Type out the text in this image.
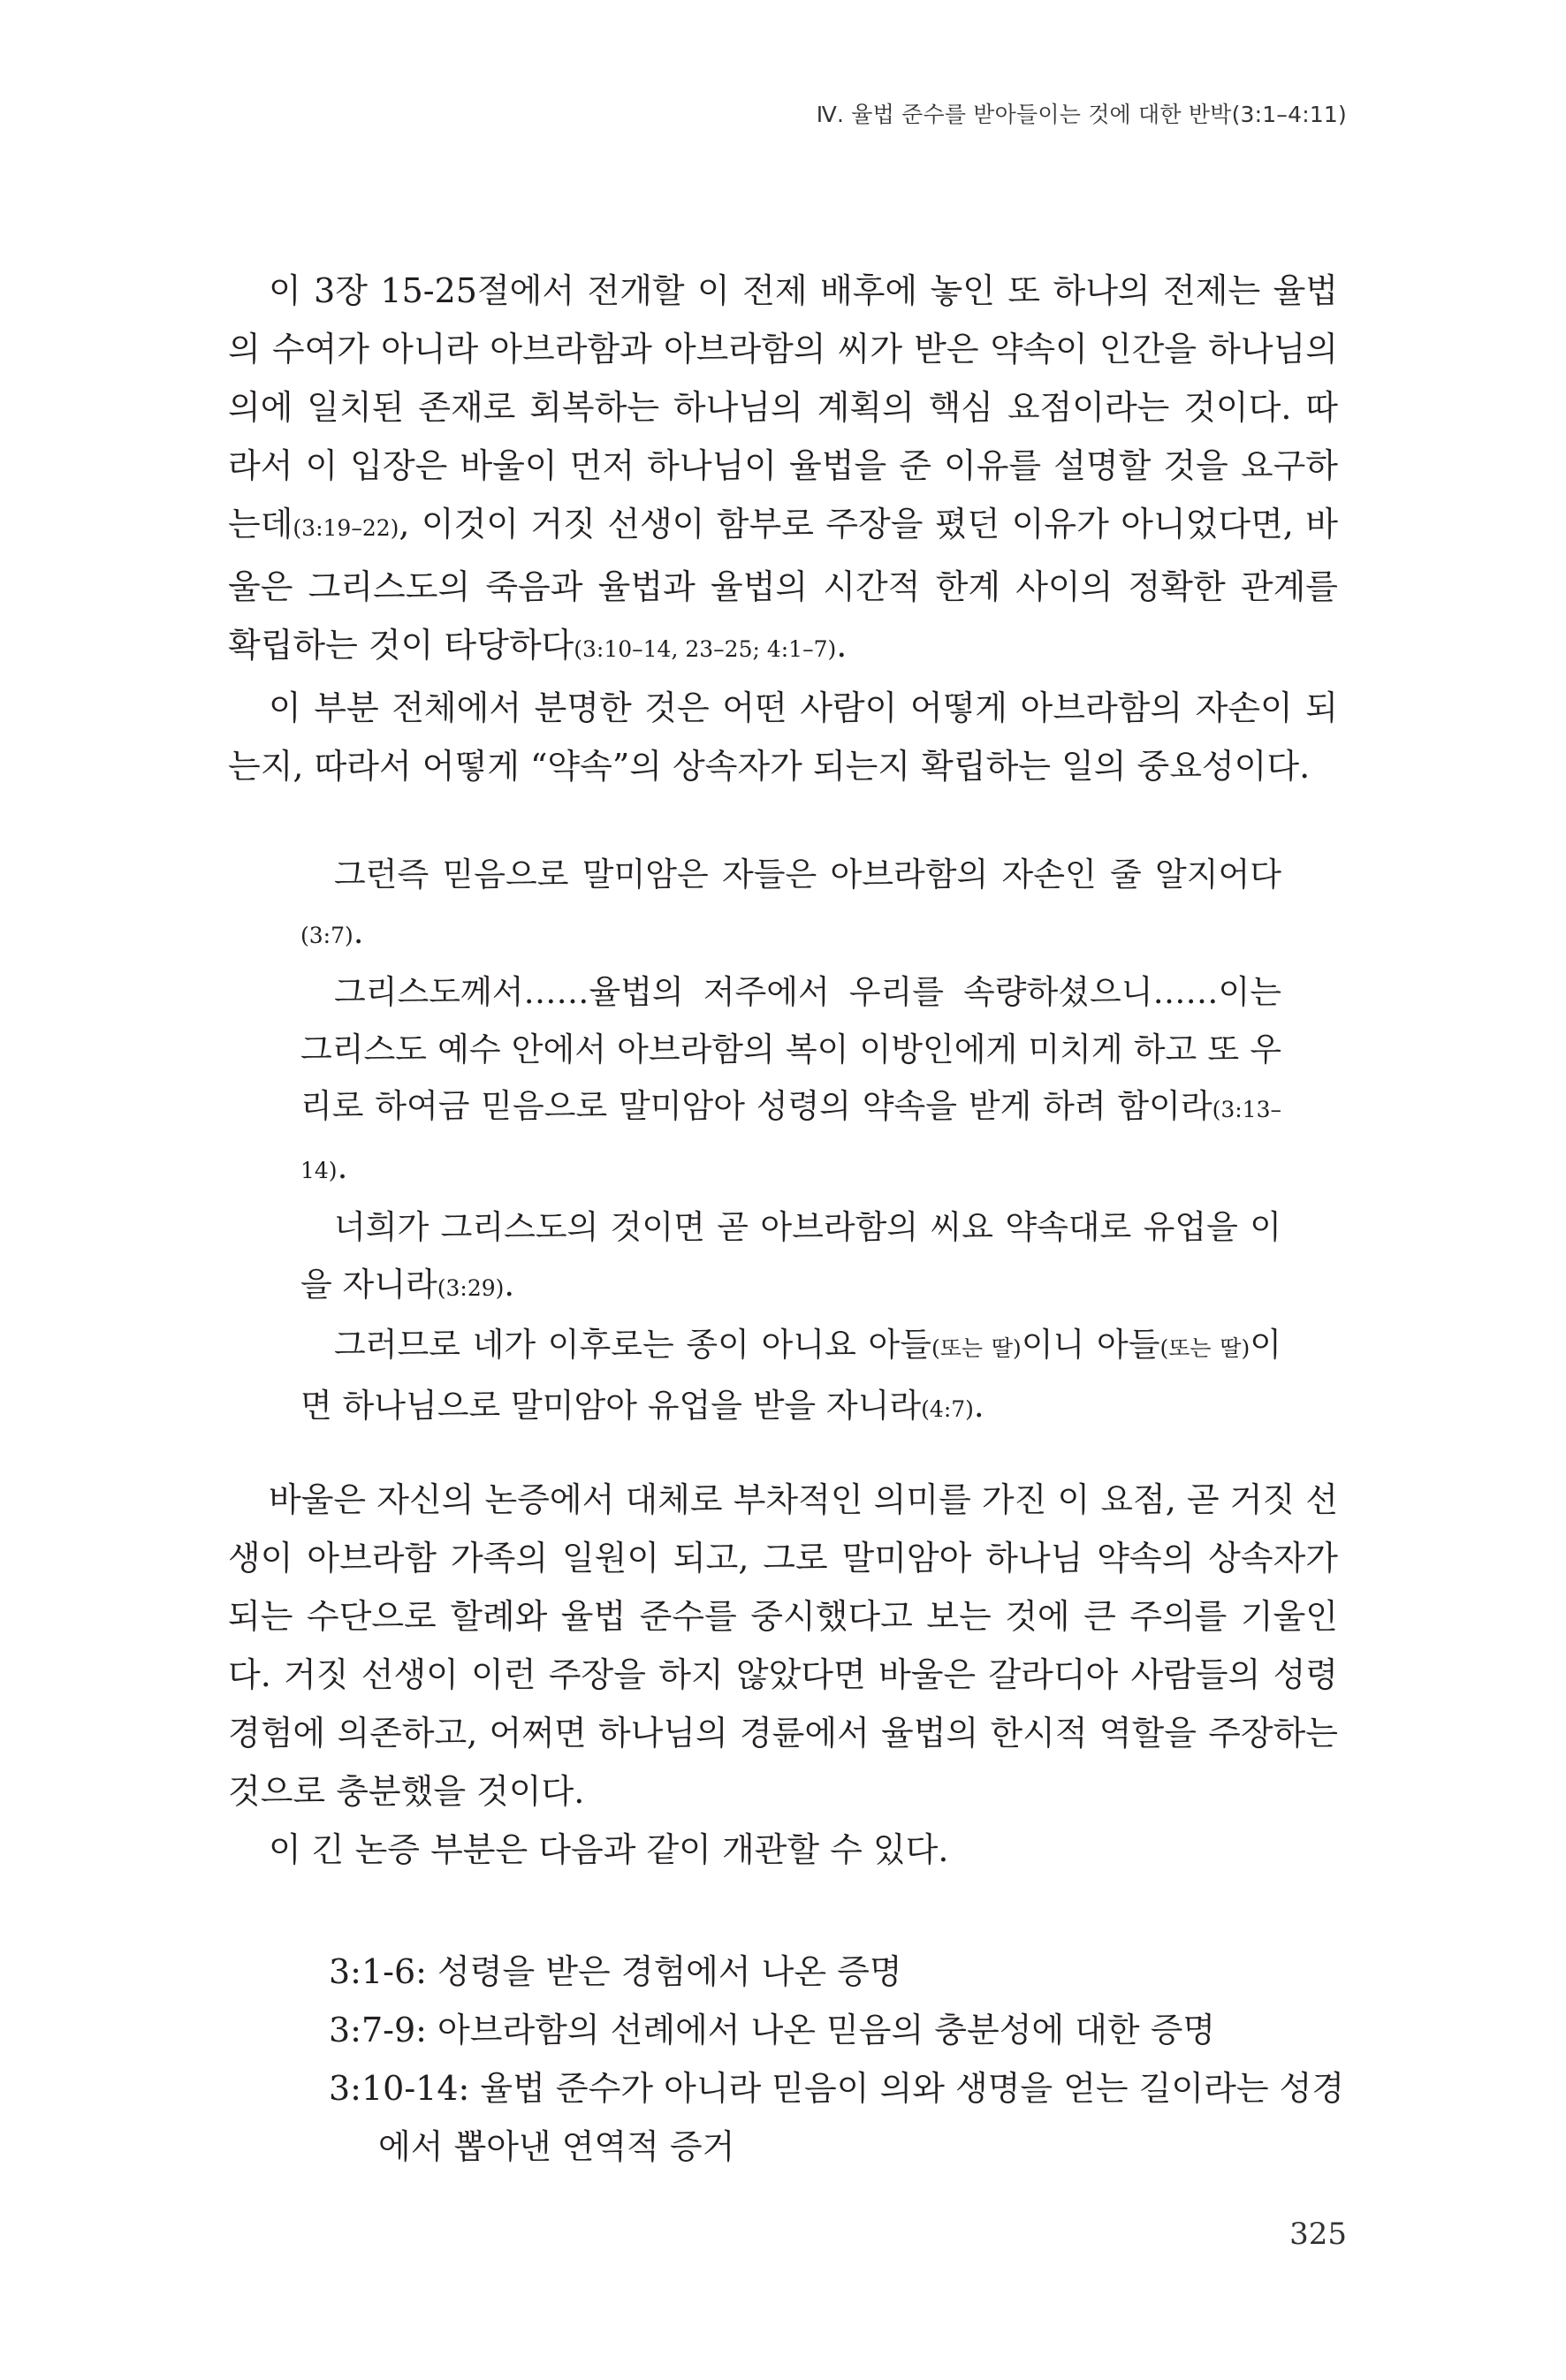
Ⅳ. 율법 준수를 받아들이는 것에 대한 반박(3:1–4:11)

이 3장 15-25절에서 전개할 이 전제 배후에 놓인 또 하나의 전제는 율법의 수여가 아니라 아브라함과 아브라함의 씨가 받은 약속이 인간을 하나님의 의에 일치된 존재로 회복하는 하나님의 계획의 핵심 요점이라는 것이다. 따라서 이 입장은 바울이 먼저 하나님이 율법을 준 이유를 설명할 것을 요구하는데(3:19–22), 이것이 거짓 선생이 함부로 주장을 폈던 이유가 아니었다면, 바울은 그리스도의 죽음과 율법과 율법의 시간적 한계 사이의 정확한 관계를 확립하는 것이 타당하다(3:10–14, 23–25; 4:1–7).

이 부분 전체에서 분명한 것은 어떤 사람이 어떻게 아브라함의 자손이 되는지, 따라서 어떻게 “약속”의 상속자가 되는지 확립하는 일의 중요성이다.

그런즉 믿음으로 말미암은 자들은 아브라함의 자손인 줄 알지어다(3:7).

그리스도께서……율법의 저주에서 우리를 속량하셨으니……이는 그리스도 예수 안에서 아브라함의 복이 이방인에게 미치게 하고 또 우리로 하여금 믿음으로 말미암아 성령의 약속을 받게 하려 함이라(3:13–14).

너희가 그리스도의 것이면 곧 아브라함의 씨요 약속대로 유업을 이을 자니라(3:29).

그러므로 네가 이후로는 종이 아니요 아들(또는 딸)이니 아들(또는 딸)이면 하나님으로 말미암아 유업을 받을 자니라(4:7).

바울은 자신의 논증에서 대체로 부차적인 의미를 가진 이 요점, 곧 거짓 선생이 아브라함 가족의 일원이 되고, 그로 말미암아 하나님 약속의 상속자가 되는 수단으로 할례와 율법 준수를 중시했다고 보는 것에 큰 주의를 기울인다. 거짓 선생이 이런 주장을 하지 않았다면 바울은 갈라디아 사람들의 성령 경험에 의존하고, 어쩌면 하나님의 경륜에서 율법의 한시적 역할을 주장하는 것으로 충분했을 것이다.

이 긴 논증 부분은 다음과 같이 개관할 수 있다.

3:1-6: 성령을 받은 경험에서 나온 증명
3:7-9: 아브라함의 선례에서 나온 믿음의 충분성에 대한 증명
3:10-14: 율법 준수가 아니라 믿음이 의와 생명을 얻는 길이라는 성경에서 뽑아낸 연역적 증거
325
